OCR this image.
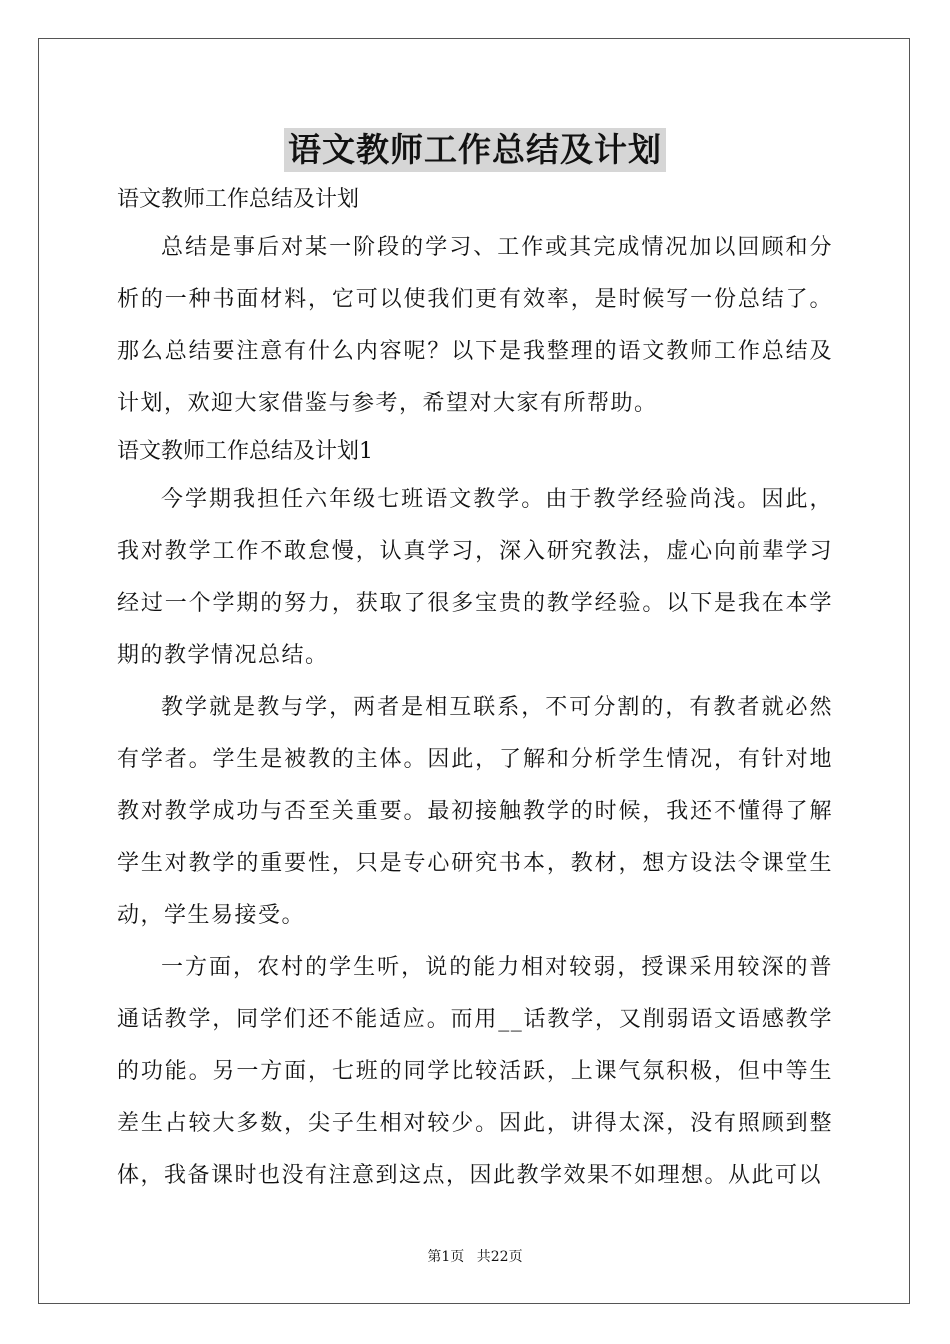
语文教师工作总结及计划

语文教师工作总结及计划

总结是事后对某一阶段的学习、工作或其完成情况加以回顾和分析的一种书面材料，它可以使我们更有效率，是时候写一份总结了。那么总结要注意有什么内容呢？以下是我整理的语文教师工作总结及计划，欢迎大家借鉴与参考，希望对大家有所帮助。

语文教师工作总结及计划1

今学期我担任六年级七班语文教学。由于教学经验尚浅。因此，我对教学工作不敢怠慢，认真学习，深入研究教法，虚心向前辈学习经过一个学期的努力，获取了很多宝贵的教学经验。以下是我在本学期的教学情况总结。

教学就是教与学，两者是相互联系，不可分割的，有教者就必然有学者。学生是被教的主体。因此，了解和分析学生情况，有针对地教对教学成功与否至关重要。最初接触教学的时候，我还不懂得了解学生对教学的重要性，只是专心研究书本，教材，想方设法令课堂生动，学生易接受。

一方面，农村的学生听，说的能力相对较弱，授课采用较深的普通话教学，同学们还不能适应。而用__话教学，又削弱语文语感教学的功能。另一方面，七班的同学比较活跃，上课气氛积极，但中等生差生占较大多数，尖子生相对较少。因此，讲得太深，没有照顾到整体，我备课时也没有注意到这点，因此教学效果不如理想。从此可以

第1页 共22页
